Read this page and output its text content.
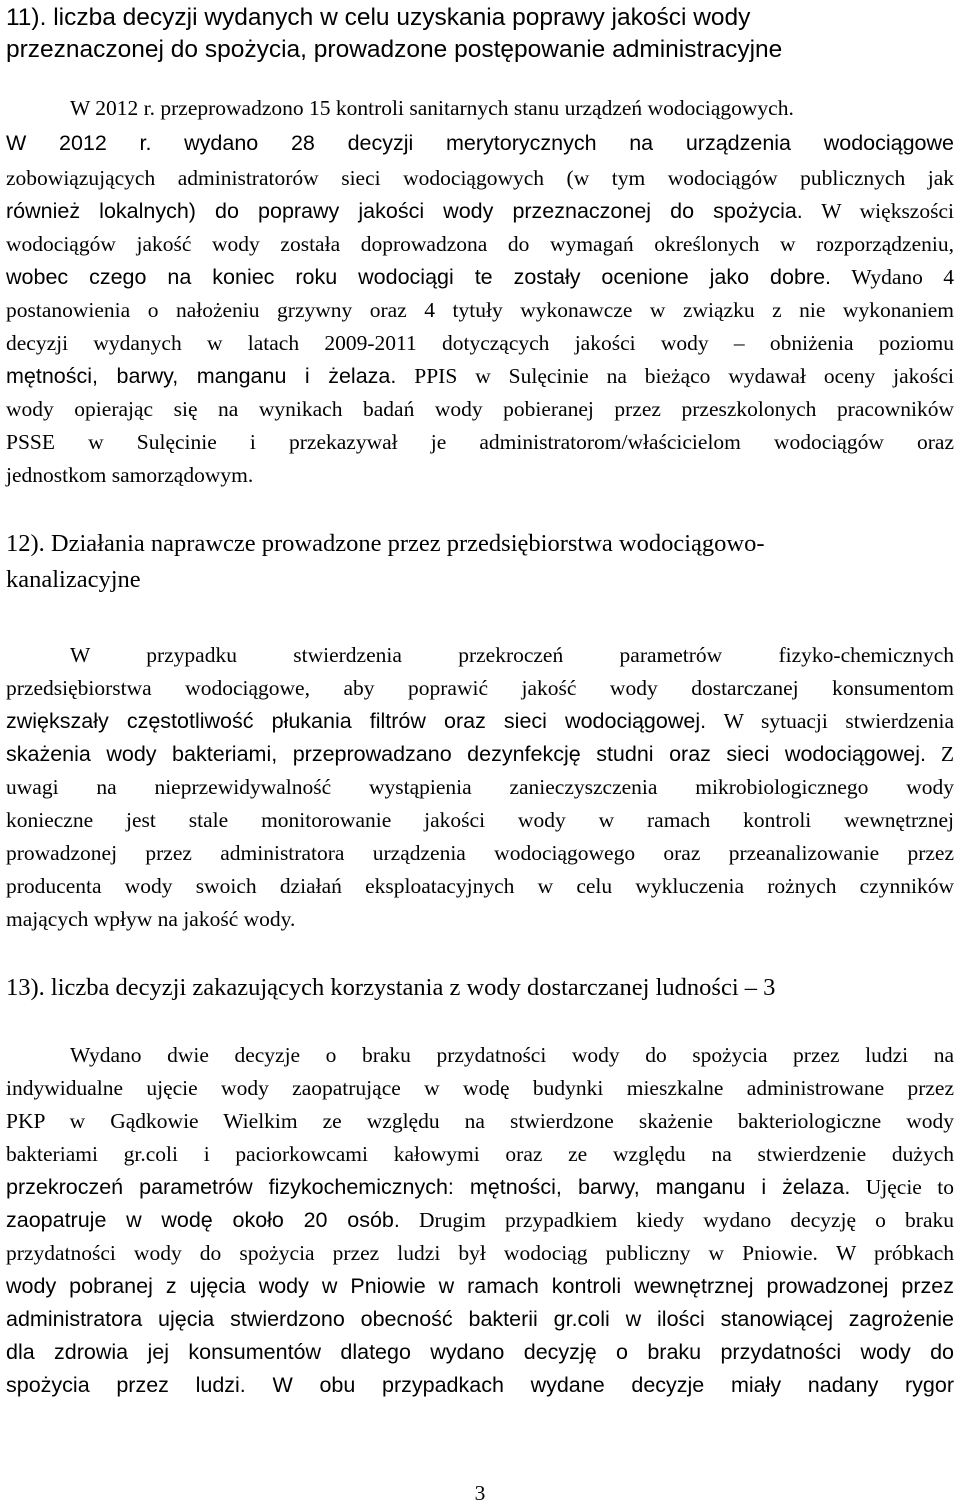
11). liczba decyzji wydanych w celu uzyskania poprawy jakości wody
przeznaczonej do spożycia, prowadzone postępowanie administracyjne
W 2012 r. przeprowadzono 15 kontroli sanitarnych stanu urządzeń wodociągowych.
W 2012 r. wydano 28 decyzji merytorycznych na urządzenia wodociągowe
zobowiązujących administratorów sieci wodociągowych (w tym wodociągów publicznych jak
również lokalnych) do poprawy jakości wody przeznaczonej do spożycia. W większości
wodociągów jakość wody została doprowadzona do wymagań określonych w rozporządzeniu,
wobec czego na koniec roku wodociągi te zostały ocenione jako dobre. Wydano 4
postanowienia o nałożeniu grzywny oraz 4 tytuły wykonawcze w związku z nie wykonaniem
decyzji wydanych w latach 2009-2011 dotyczących jakości wody – obniżenia poziomu
mętności, barwy, manganu i żelaza. PPIS w Sulęcinie na bieżąco wydawał oceny jakości
wody opierając się na wynikach badań wody pobieranej przez przeszkolonych pracowników
PSSE w Sulęcinie i przekazywał je administratorom/właścicielom wodociągów oraz
jednostkom samorządowym.
12). Działania naprawcze prowadzone przez przedsiębiorstwa wodociągowo-
kanalizacyjne
W przypadku stwierdzenia przekroczeń parametrów fizyko-chemicznych
przedsiębiorstwa wodociągowe, aby poprawić jakość wody dostarczanej konsumentom
zwiększały częstotliwość płukania filtrów oraz sieci wodociągowej. W sytuacji stwierdzenia
skażenia wody bakteriami, przeprowadzano dezynfekcję studni oraz sieci wodociągowej. Z
uwagi na nieprzewidywalność wystąpienia zanieczyszczenia mikrobiologicznego wody
konieczne jest stale monitorowanie jakości wody w ramach kontroli wewnętrznej
prowadzonej przez administratora urządzenia wodociągowego oraz przeanalizowanie przez
producenta wody swoich działań eksploatacyjnych w celu wykluczenia rożnych czynników
mających wpływ na jakość wody.
13). liczba decyzji zakazujących korzystania z wody dostarczanej ludności – 3
Wydano dwie decyzje o braku przydatności wody do spożycia przez ludzi na
indywidualne ujęcie wody zaopatrujące w wodę budynki mieszkalne administrowane przez
PKP w Gądkowie Wielkim ze względu na stwierdzone skażenie bakteriologiczne wody
bakteriami gr.coli i paciorkowcami kałowymi oraz ze względu na stwierdzenie dużych
przekroczeń parametrów fizykochemicznych: mętności, barwy, manganu i żelaza. Ujęcie to
zaopatruje w wodę około 20 osób. Drugim przypadkiem kiedy wydano decyzję o braku
przydatności wody do spożycia przez ludzi był wodociąg publiczny w Pniowie. W próbkach
wody pobranej z ujęcia wody w Pniowie w ramach kontroli wewnętrznej prowadzonej przez
administratora ujęcia stwierdzono obecność bakterii gr.coli w ilości stanowiącej zagrożenie
dla zdrowia jej konsumentów dlatego wydano decyzję o braku przydatności wody do
spożycia przez ludzi. W obu przypadkach wydane decyzje miały nadany rygor
3
